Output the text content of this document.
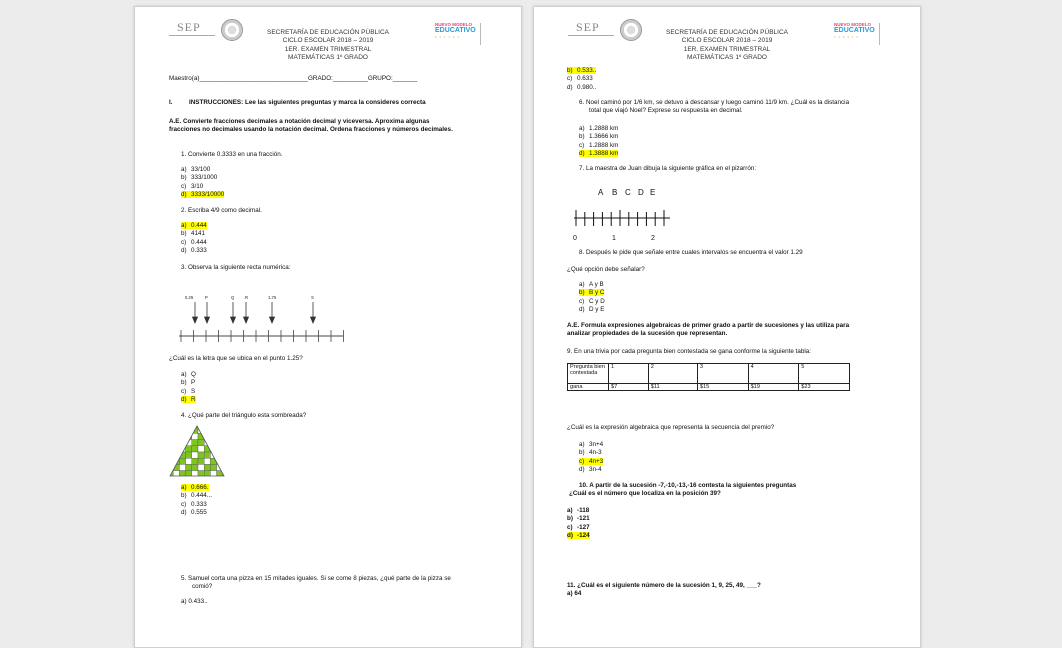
SEP	SECRETARÍA DE EDUCACIÓN PÚBLICA
CICLO ESCOLAR 2018 – 2019
1ER. EXAMEN TRIMESTRAL
MATEMÁTICAS 1º GRADO
NUEVO MODELO
EDUCATIVO
• • • • • •
Maestro(a)_______________________________GRADO:__________GRUPO:_______
I.	INSTRUCCIONES: Lee las siguientes preguntas y marca la consideres correcta
A.E. Convierte fracciones decimales a notación decimal y viceversa. Aproxima algunas
fracciones no decimales usando la notación decimal. Ordena fracciones y números decimales.
1. Convierte 0.3333 en una fracción.
a) 33/100
b) 333/1000
c) 3/10
d) 3333/10000
2. Escriba 4/9 como decimal.
a) 0.444
b) 4141
c) 0.444
d) 0.333
3. Observa la siguiente recta numérica:
0.25	P	Q	R	1.75	S
¿Cuál es la letra que se ubica en el punto 1.25?
a) Q
b) P
c) S
d) R
4. ¿Qué parte del triángulo esta sombreada?
a) 0.666.
b) 0.444...
c) 0.333
d) 0.555
5. Samuel corta una pizza en 15 mitades iguales. Si se come 8 piezas, ¿qué parte de la pizza se
comió?
a) 0.433..
SEP	SECRETARÍA DE EDUCACIÓN PÚBLICA
CICLO ESCOLAR 2018 – 2019
1ER. EXAMEN TRIMESTRAL
MATEMÁTICAS 1º GRADO
NUEVO MODELO
EDUCATIVO
• • • • • •
b) 0.533..
c) 0.633
d) 0.980..
6. Noel caminó por 1/6 km, se detuvo a descansar y luego caminó 11/9 km. ¿Cuál es la distancia
total que viajó Noel? Exprese su respuesta en decimal.
a) 1.2888 km
b) 1.3666 km
c) 1.2888 km
d) 1.3888 km
7. La maestra de Juan dibuja la siguiente gráfica en el pizarrón:
A B C D E
0	1	2
8. Después le pide que señale entre cuales intervalos se encuentra el valor 1.29
¿Qué opción debe señalar?
a) A y B
b) B y C
c) C y D
d) D y E
A.E. Formula expresiones algebraicas de primer grado a partir de sucesiones y las utiliza para
analizar propiedades de la sucesión que representan.
9. En una trivia por cada pregunta bien contestada se gana conforme la siguiente tabla:
Pregunta bien contestada	1	2	3	4	5
gana	$7	$11	$15	$19	$23
¿Cuál es la expresión algebraica que representa la secuencia del premio?
a) 3n+4
b) 4n-3
c) 4n+3
d) 3n-4
10. A partir de la sucesión -7,-10,-13,-16 contesta la siguientes preguntas
¿Cuál es el número que localiza en la posición 39?
a) -118
b) -121
c) -127
d) -124
11. ¿Cuál es el siguiente número de la sucesión 1, 9, 25, 49, ___?
a) 64
